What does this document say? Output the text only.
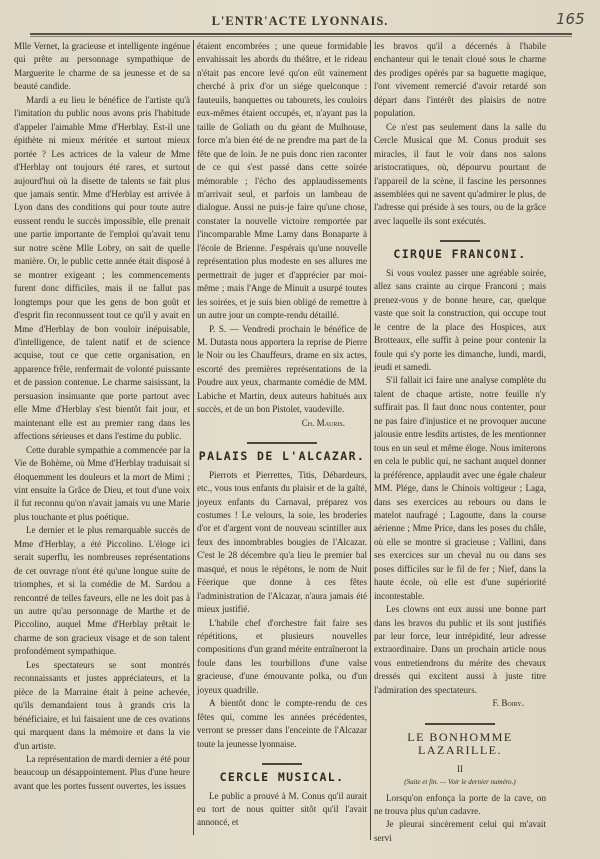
L'ENTR'ACTE LYONNAIS.	165

Mlle Vernet, la gracieuse et intelligente ingénue qui prête au personnage sympathique de Marguerite le charme de sa jeunesse et de sa beauté candide.

Mardi a eu lieu le bénéfice de l'artiste qu'à l'imitation du public nous avons pris l'habitude d'appeler l'aimable Mme d'Herblay. Est-il une épithète ni mieux méritée et surtout mieux portée ? Les actrices de la valeur de Mme d'Herblay ont toujours été rares, et surtout aujourd'hui où la disette de talents se fait plus que jamais sentir. Mme d'Herblay est arrivée à Lyon dans des conditions qui pour toute autre eussent rendu le succès impossible, elle prenait une partie importante de l'emploi qu'avait tenu sur notre scène Mlle Lobry, on sait de quelle manière. Or, le public cette année était disposé à se montrer exigeant ; les commencements furent donc difficiles, mais il ne fallut pas longtemps pour que les gens de bon goût et d'esprit fin reconnussent tout ce qu'il y avait en Mme d'Herblay de bon vouloir inépuisable, d'intelligence, de talent natif et de science acquise, tout ce que cette organisation, en apparence frêle, renfermait de volonté puissante et de passion contenue. Le charme saisissant, la persuasion insinuante que porte partout avec elle Mme d'Herblay s'est bientôt fait jour, et maintenant elle est au premier rang dans les affections sérieuses et dans l'estime du public.

Cette durable sympathie a commencée par la Vie de Bohème, où Mme d'Herblay traduisait si éloquemment les douleurs et la mort de Mimi ; vint ensuite la Grâce de Dieu, et tout d'une voix il fut reconnu qu'on n'avait jamais vu une Marie plus touchante et plus poétique.

Le dernier et le plus remarquable succès de Mme d'Herblay, a été Piccolino. L'éloge ici serait superflu, les nombreuses représentations de cet ouvrage n'ont été qu'une longue suite de triomphes, et si la comédie de M. Sardou a rencontré de telles faveurs, elle ne les doit pas à un autre qu'au personnage de Marthe et de Piccolino, auquel Mme d'Herblay prêtait le charme de son gracieux visage et de son talent profondément sympathique.

Les spectateurs se sont montrés reconnaissants et justes appréciateurs, et la pièce de la Marraine était à peine achevée, qu'ils demandaient tous à grands cris la bénéficiaire, et lui faisaient une de ces ovations qui marquent dans la mémoire et dans la vie d'un artiste.

La représentation de mardi dernier a été pour beaucoup un désappointement. Plus d'une heure avant que les portes fussent ouvertes, les issues

étaient encombrées ; une queue formidable envahissait les abords du théâtre, et le rideau n'était pas encore levé qu'on eût vainement cherché à prix d'or un siége quelconque : fauteuils, banquettes ou tabourets, les couloirs eux-mêmes étaient occupés, et, n'ayant pas la taille de Goliath ou du géant de Mulhouse, force m'a bien été de ne prendre ma part de la fête que de loin. Je ne puis donc rien raconter de ce qui s'est passé dans cette soirée mémorable ; l'écho des applaudissements m'arrivait seul, et parfois un lambeau de dialogue. Aussi ne puis-je faire qu'une chose, constater la nouvelle victoire remportée par l'incomparable Mme Lamy dans Bonaparte à l'école de Brienne. J'espérais qu'une nouvelle représentation plus modeste en ses allures me permettrait de juger et d'apprécier par moi-même ; mais l'Ange de Minuit a usurpé toutes les soirées, et je suis bien obligé de remettre à un autre jour un compte-rendu détaillé.

P. S. — Vendredi prochain le bénéfice de M. Dutasta nous apportera la reprise de Pierre le Noir ou les Chauffeurs, drame en six actes, escorté des premières représentations de la Poudre aux yeux, charmante comédie de MM. Labiche et Martin, deux auteurs habitués aux succès, et de un bon Pistolet, vaudeville.

Ch. Mauris.
PALAIS DE L'ALCAZAR.

Pierrots et Pierrettes, Titis, Débardeurs, etc., vous tous enfants du plaisir et de la gaîté, joyeux enfants du Carnaval, préparez vos costumes ! Le velours, la soie, les broderies d'or et d'argent vont de nouveau scintiller aux feux des innombrables bougies de l'Alcazar. C'est le 28 décembre qu'a lieu le premier bal masqué, et nous le répétons, le nom de Nuit Féerique que donne à ces fêtes l'administration de l'Alcazar, n'aura jamais été mieux justifié.

L'habile chef d'orchestre fait faire ses répétitions, et plusieurs nouvelles compositions d'un grand mérite entraîneront la foule dans les tourbillons d'une valse gracieuse, d'une émouvante polka, ou d'un joyeux quadrille.

A bientôt donc le compte-rendu de ces fêtes qui, comme les années précédentes, verront se presser dans l'enceinte de l'Alcazar toute la jeunesse lyonnaise.

CERCLE MUSICAL.

Le public a prouvé à M. Conus qu'il aurait eu tort de nous quitter sitôt qu'il l'avait annoncé, et

les bravos qu'il a décernés à l'habile enchanteur qui le tenait cloué sous le charme des prodiges opérés par sa baguette magique, l'ont vivement remercié d'avoir retardé son départ dans l'intérêt des plaisirs de notre population.

Ce n'est pas seulement dans la salle du Cercle Musical que M. Conus produit ses miracles, il faut le voir dans nos salons aristocratiques, où, dépourvu pourtant de l'appareil de la scène, il fascine les personnes assemblées qui ne savent qu'admirer le plus, de l'adresse qui préside à ses tours, ou de la grâce avec laquelle ils sont exécutés.

CIRQUE FRANCONI.

Si vous voulez passer une agréable soirée, allez sans crainte au cirque Franconi ; mais prenez-vous y de bonne heure, car, quelque vaste que soit la construction, qui occupe tout le centre de la place des Hospices, aux Brotteaux, elle suffit à peine pour contenir la foule qui s'y porte les dimanche, lundi, mardi, jeudi et samedi.

S'il fallait ici faire une analyse complète du talent de chaque artiste, notre feuille n'y suffirait pas. Il faut donc nous contenter, pour ne pas faire d'injustice et ne provoquer aucune jalousie entre lesdits artistes, de les mentionner tous en un seul et même éloge. Nous imiterons en cela le public qui, ne sachant auquel donner la préférence, applaudit avec une égale chaleur MM. Plége, dans le Chinois voltigeur ; Laga, dans ses exercices au rebours ou dans le matelot naufragé ; Lagoutte, dans la course aérienne ; Mme Price, dans les poses du châle, où elle se montre si gracieuse ; Vallini, dans ses exercices sur un cheval nu ou dans ses poses difficiles sur le fil de fer ; Nief, dans la haute école, où elle est d'une supériorité incontestable.

Les clowns ont eux aussi une bonne part dans les bravos du public et ils sont justifiés par leur force, leur intrépidité, leur adresse extraordinaire. Dans un prochain article nous vous entretiendrons du mérite des chevaux dressés qui excitent aussi à juste titre l'admiration des spectateurs.

F. Boiry.
LE BONHOMME LAZARILLE.
II
(Suite et fin. — Voir le dernier numéro.)

Lorsqu'on enfonça la porte de la cave, on ne trouva plus qu'un cadavre.

Je pleurai sincèrement celui qui m'avait servi
